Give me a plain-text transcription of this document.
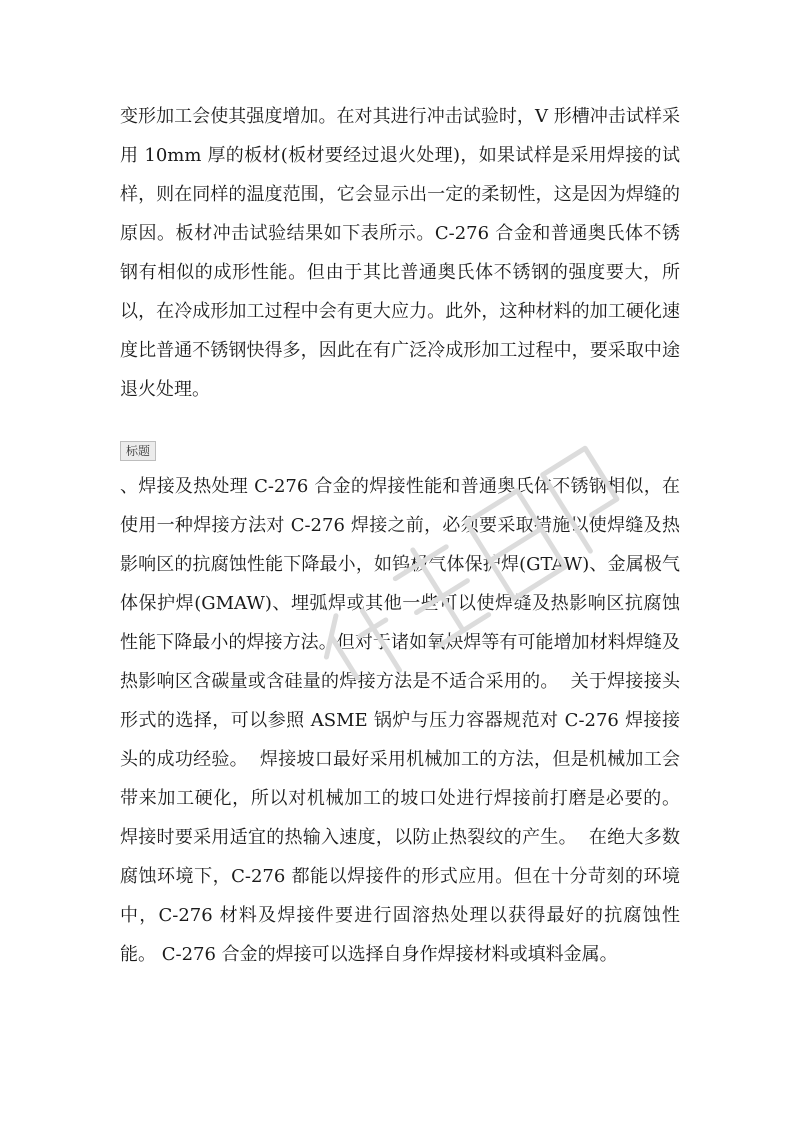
变形加工会使其强度增加。在对其进行冲击试验时，V 形槽冲击试样采用 10mm 厚的板材(板材要经过退火处理)，如果试样是采用焊接的试样，则在同样的温度范围，它会显示出一定的柔韧性，这是因为焊缝的原因。板材冲击试验结果如下表所示。C-276 合金和普通奥氏体不锈钢有相似的成形性能。但由于其比普通奥氏体不锈钢的强度要大，所以，在冷成形加工过程中会有更大应力。此外，这种材料的加工硬化速度比普通不锈钢快得多，因此在有广泛冷成形加工过程中，要采取中途退火处理。

标题

、焊接及热处理 C-276 合金的焊接性能和普通奥氏体不锈钢相似，在使用一种焊接方法对 C-276 焊接之前，必须要采取措施以使焊缝及热影响区的抗腐蚀性能下降最小，如钨极气体保护焊(GTAW)、金属极气体保护焊(GMAW)、埋弧焊或其他一些可以使焊缝及热影响区抗腐蚀性能下降最小的焊接方法。但对于诸如氧炔焊等有可能增加材料焊缝及热影响区含碳量或含硅量的焊接方法是不适合采用的。  关于焊接接头形式的选择，可以参照 ASME 锅炉与压力容器规范对 C-276 焊接接头的成功经验。  焊接坡口最好采用机械加工的方法，但是机械加工会带来加工硬化，所以对机械加工的坡口处进行焊接前打磨是必要的。  焊接时要采用适宜的热输入速度，以防止热裂纹的产生。  在绝大多数腐蚀环境下，C-276 都能以焊接件的形式应用。但在十分苛刻的环境中，C-276 材料及焊接件要进行固溶热处理以获得最好的抗腐蚀性能。 C-276 合金的焊接可以选择自身作焊接材料或填料金属。
